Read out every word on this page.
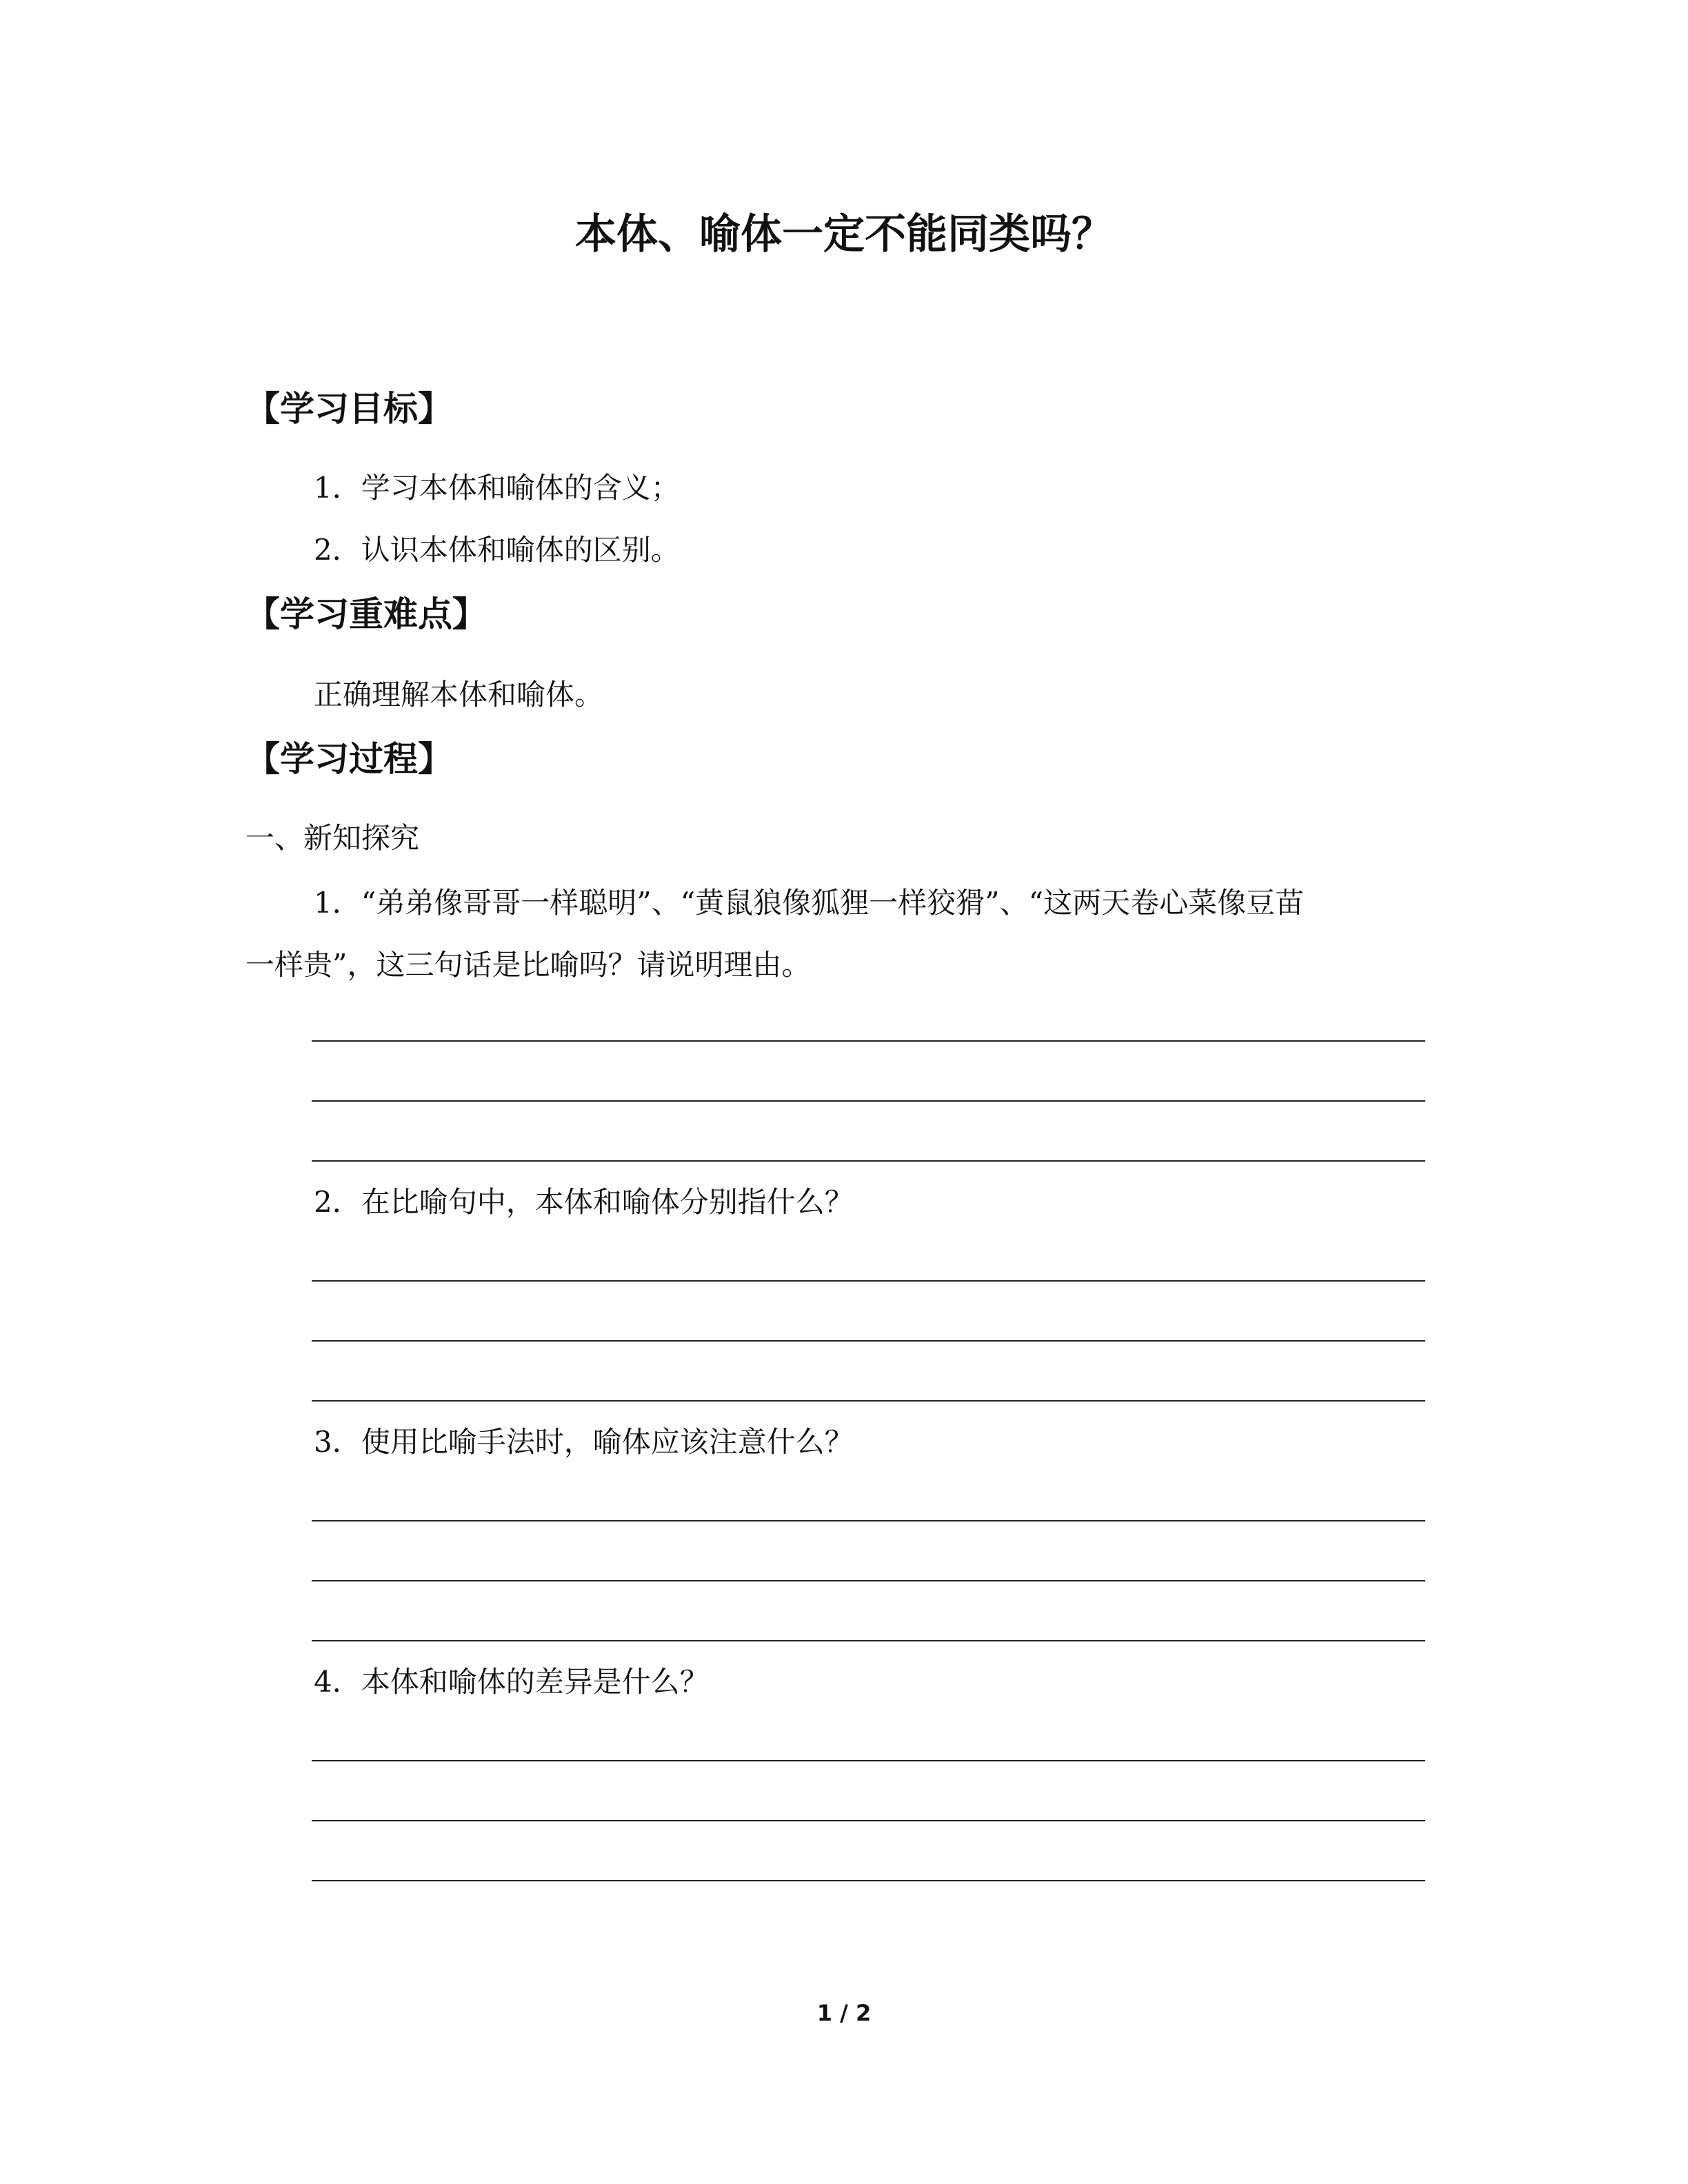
本体、喻体一定不能同类吗？
【学习目标】
1．学习本体和喻体的含义；
2．认识本体和喻体的区别。
【学习重难点】
正确理解本体和喻体。
【学习过程】
一、新知探究
1．“弟弟像哥哥一样聪明”、“黄鼠狼像狐狸一样狡猾”、“这两天卷心菜像豆苗
一样贵”，这三句话是比喻吗？请说明理由。
2．在比喻句中，本体和喻体分别指什么？
3．使用比喻手法时，喻体应该注意什么？
4．本体和喻体的差异是什么？
1 / 2
